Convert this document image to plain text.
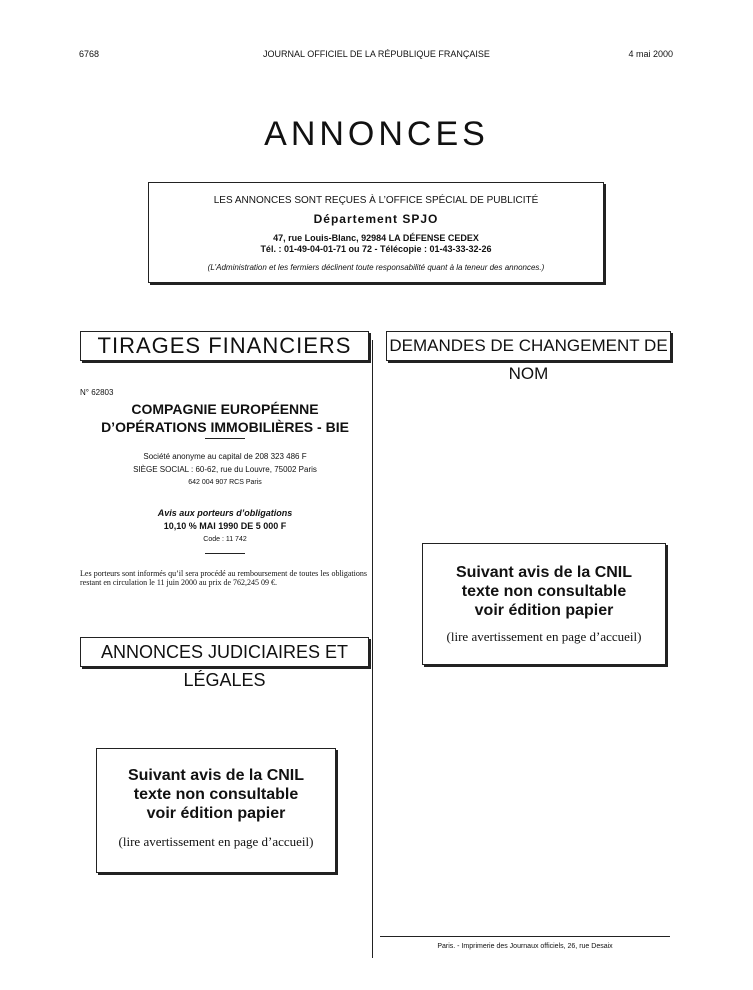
6768	JOURNAL OFFICIEL DE LA RÉPUBLIQUE FRANÇAISE	4 mai 2000
ANNONCES
LES ANNONCES SONT REÇUES À L’OFFICE SPÉCIAL DE PUBLICITÉ
Département SPJO
47, rue Louis-Blanc, 92984 LA DÉFENSE CEDEX
Tél. : 01-49-04-01-71 ou 72 - Télécopie : 01-43-33-32-26
(L’Administration et les fermiers déclinent toute responsabilité quant à la teneur des annonces.)
TIRAGES FINANCIERS
N° 62803
COMPAGNIE EUROPÉENNE
D’OPÉRATIONS IMMOBILIÈRES - BIE
Société anonyme au capital de 208 323 486 F
SIÈGE SOCIAL : 60-62, rue du Louvre, 75002 Paris
642 004 907 RCS Paris
Avis aux porteurs d’obligations
10,10 % MAI 1990 DE 5 000 F
Code : 11 742
Les porteurs sont informés qu’il sera procédé au remboursement de toutes les obligations restant en circulation le 11 juin 2000 au prix de 762,245 09 €.
ANNONCES JUDICIAIRES ET LÉGALES
Suivant avis de la CNIL
texte non consultable
voir édition papier
(lire avertissement en page d’accueil)
DEMANDES DE CHANGEMENT DE NOM
Suivant avis de la CNIL
texte non consultable
voir édition papier
(lire avertissement en page d’accueil)
Paris. - Imprimerie des Journaux officiels, 26, rue Desaix
